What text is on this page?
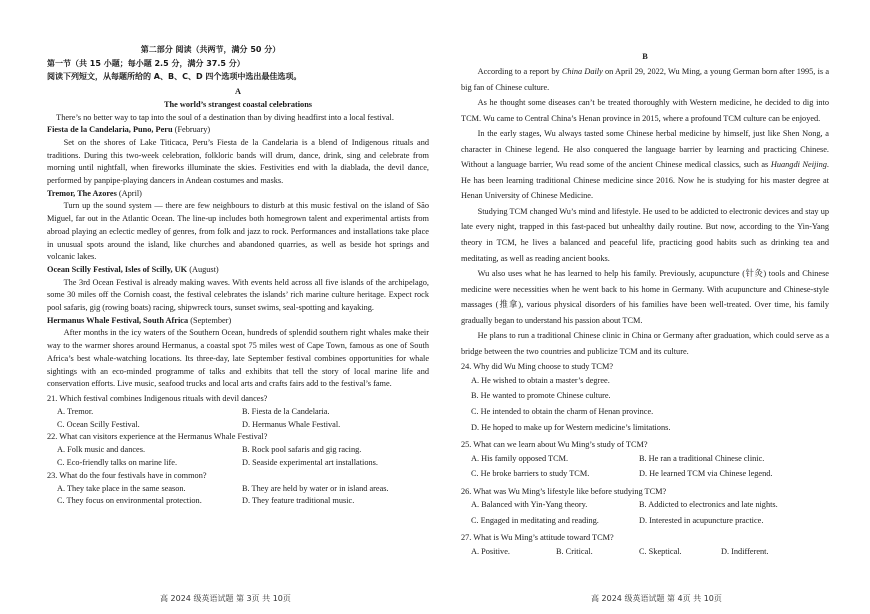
第二部分 阅读（共两节，满分 50 分）
第一节（共 15 小题；每小题 2.5 分，满分 37.5 分）
阅读下列短文，从每题所给的 A、B、C、D 四个选项中选出最佳选项。
A
The world’s strangest coastal celebrations
There’s no better way to tap into the soul of a destination than by diving headfirst into a local festival.
Fiesta de la Candelaria, Puno, Peru (February)
Set on the shores of Lake Titicaca, Peru’s Fiesta de la Candelaria is a blend of Indigenous rituals and traditions. During this two-week celebration, folkloric bands will drum, dance, drink, sing and celebrate from morning until nightfall, when fireworks illuminate the skies. Festivities end with la diablada, the devil dance, performed by panpipe-playing dancers in Andean costumes and masks.
Tremor, The Azores (April)
Turn up the sound system — there are few neighbours to disturb at this music festival on the island of São Miguel, far out in the Atlantic Ocean. The line-up includes both homegrown talent and experimental artists from abroad playing an eclectic medley of genres, from folk and jazz to rock. Performances and installations take place in unusual spots around the island, like churches and abandoned quarries, as well as beside hot springs and volcanic lakes.
Ocean Scilly Festival, Isles of Scilly, UK (August)
The 3rd Ocean Festival is already making waves. With events held across all five islands of the archipelago, some 30 miles off the Cornish coast, the festival celebrates the islands’ rich marine culture heritage. Expect rock pool safaris, gig (rowing boats) racing, shipwreck tours, sunset swims, seal-spotting and kayaking.
Hermanus Whale Festival, South Africa (September)
After months in the icy waters of the Southern Ocean, hundreds of splendid southern right whales make their way to the warmer shores around Hermanus, a coastal spot 75 miles west of Cape Town, famous as one of South Africa’s best whale-watching locations. Its three-day, late September festival combines opportunities for whale sightings with an eco-minded programme of talks and exhibits that tell the story of local marine life and conservation efforts. Live music, seafood trucks and local arts and crafts fairs add to the festival’s fame.
21. Which festival combines Indigenous rituals with devil dances?
A. Tremor.	B. Fiesta de la Candelaria.
C. Ocean Scilly Festival.	D. Hermanus Whale Festival.
22. What can visitors experience at the Hermanus Whale Festival?
A. Folk music and dances.	B. Rock pool safaris and gig racing.
C. Eco-friendly talks on marine life.	D. Seaside experimental art installations.
23. What do the four festivals have in common?
A. They take place in the same season.	B. They are held by water or in island areas.
C. They focus on environmental protection.	D. They feature traditional music.
高 2024 级英语试题 第 3页 共 10页
B
According to a report by China Daily on April 29, 2022, Wu Ming, a young German born after 1995, is a big fan of Chinese culture.
As he thought some diseases can’t be treated thoroughly with Western medicine, he decided to dig into TCM. Wu came to Central China’s Henan province in 2015, where a profound TCM culture can be enjoyed.
In the early stages, Wu always tasted some Chinese herbal medicine by himself, just like Shen Nong, a character in Chinese legend. He also conquered the language barrier by learning and practicing Chinese. Without a language barrier, Wu read some of the ancient Chinese medical classics, such as Huangdi Neijing. He has been learning traditional Chinese medicine since 2016. Now he is studying for his master degree at Henan University of Chinese Medicine.
Studying TCM changed Wu’s mind and lifestyle. He used to be addicted to electronic devices and stay up late every night, trapped in this fast-paced but unhealthy daily routine. But now, according to the Yin-Yang theory in TCM, he lives a balanced and peaceful life, practicing good habits such as drinking tea and meditating, as well as reading ancient books.
Wu also uses what he has learned to help his family. Previously, acupuncture (针灸) tools and Chinese medicine were necessities when he went back to his home in Germany. With acupuncture and Chinese-style massages (推拿), various physical disorders of his families have been well-treated. Over time, his family gradually began to understand his passion about TCM.
He plans to run a traditional Chinese clinic in China or Germany after graduation, which could serve as a bridge between the two countries and publicize TCM and its culture.
24. Why did Wu Ming choose to study TCM?
A. He wished to obtain a master’s degree.
B. He wanted to promote Chinese culture.
C. He intended to obtain the charm of Henan province.
D. He hoped to make up for Western medicine’s limitations.
25. What can we learn about Wu Ming’s study of TCM?
A. His family opposed TCM.	B. He ran a traditional Chinese clinic.
C. He broke barriers to study TCM.	D. He learned TCM via Chinese legend.
26. What was Wu Ming’s lifestyle like before studying TCM?
A. Balanced with Yin-Yang theory.	B. Addicted to electronics and late nights.
C. Engaged in meditating and reading.	D. Interested in acupuncture practice.
27. What is Wu Ming’s attitude toward TCM?
A. Positive.	B. Critical.	C. Skeptical.	D. Indifferent.
高 2024 级英语试题 第 4页 共 10页
